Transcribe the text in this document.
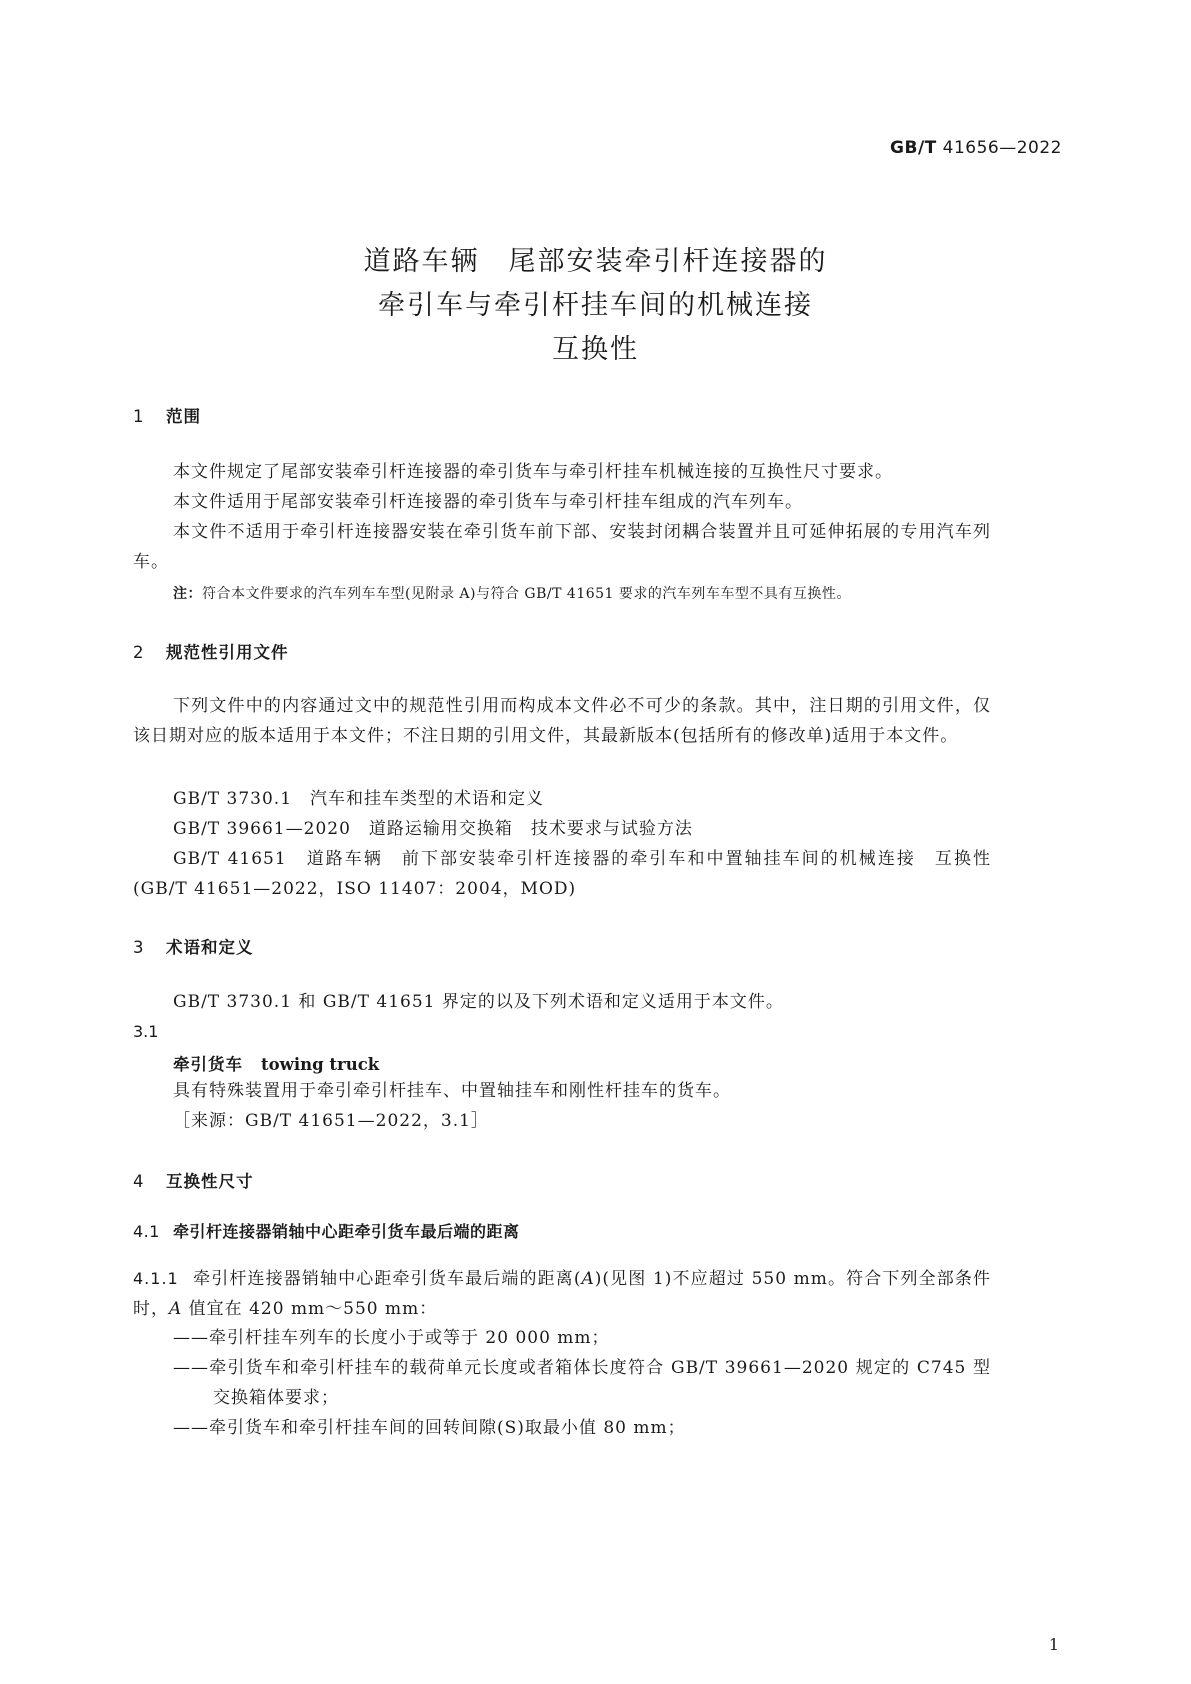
GB/T 41656—2022
道路车辆　尾部安装牵引杆连接器的
牵引车与牵引杆挂车间的机械连接
互换性
1 范围
本文件规定了尾部安装牵引杆连接器的牵引货车与牵引杆挂车机械连接的互换性尺寸要求。
本文件适用于尾部安装牵引杆连接器的牵引货车与牵引杆挂车组成的汽车列车。
本文件不适用于牵引杆连接器安装在牵引货车前下部、安装封闭耦合装置并且可延伸拓展的专用汽车列车。
注：符合本文件要求的汽车列车车型(见附录 A)与符合 GB/T 41651 要求的汽车列车车型不具有互换性。
2 规范性引用文件
下列文件中的内容通过文中的规范性引用而构成本文件必不可少的条款。其中，注日期的引用文件，仅该日期对应的版本适用于本文件；不注日期的引用文件，其最新版本(包括所有的修改单)适用于本文件。
GB/T 3730.1　汽车和挂车类型的术语和定义
GB/T 39661—2020　道路运输用交换箱　技术要求与试验方法
GB/T 41651　道路车辆　前下部安装牵引杆连接器的牵引车和中置轴挂车间的机械连接　互换性(GB/T 41651—2022，ISO 11407：2004，MOD)
3 术语和定义
GB/T 3730.1 和 GB/T 41651 界定的以及下列术语和定义适用于本文件。
3.1
牵引货车 towing truck
具有特殊装置用于牵引牵引杆挂车、中置轴挂车和刚性杆挂车的货车。
［来源：GB/T 41651—2022，3.1］
4 互换性尺寸
4.1 牵引杆连接器销轴中心距牵引货车最后端的距离
4.1.1 牵引杆连接器销轴中心距牵引货车最后端的距离(A)(见图 1)不应超过 550 mm。符合下列全部条件时，A 值宜在 420 mm～550 mm：
——牵引杆挂车列车的长度小于或等于 20 000 mm；
——牵引货车和牵引杆挂车的载荷单元长度或者箱体长度符合 GB/T 39661—2020 规定的 C745 型交换箱体要求；
——牵引货车和牵引杆挂车间的回转间隙(S)取最小值 80 mm；
1
